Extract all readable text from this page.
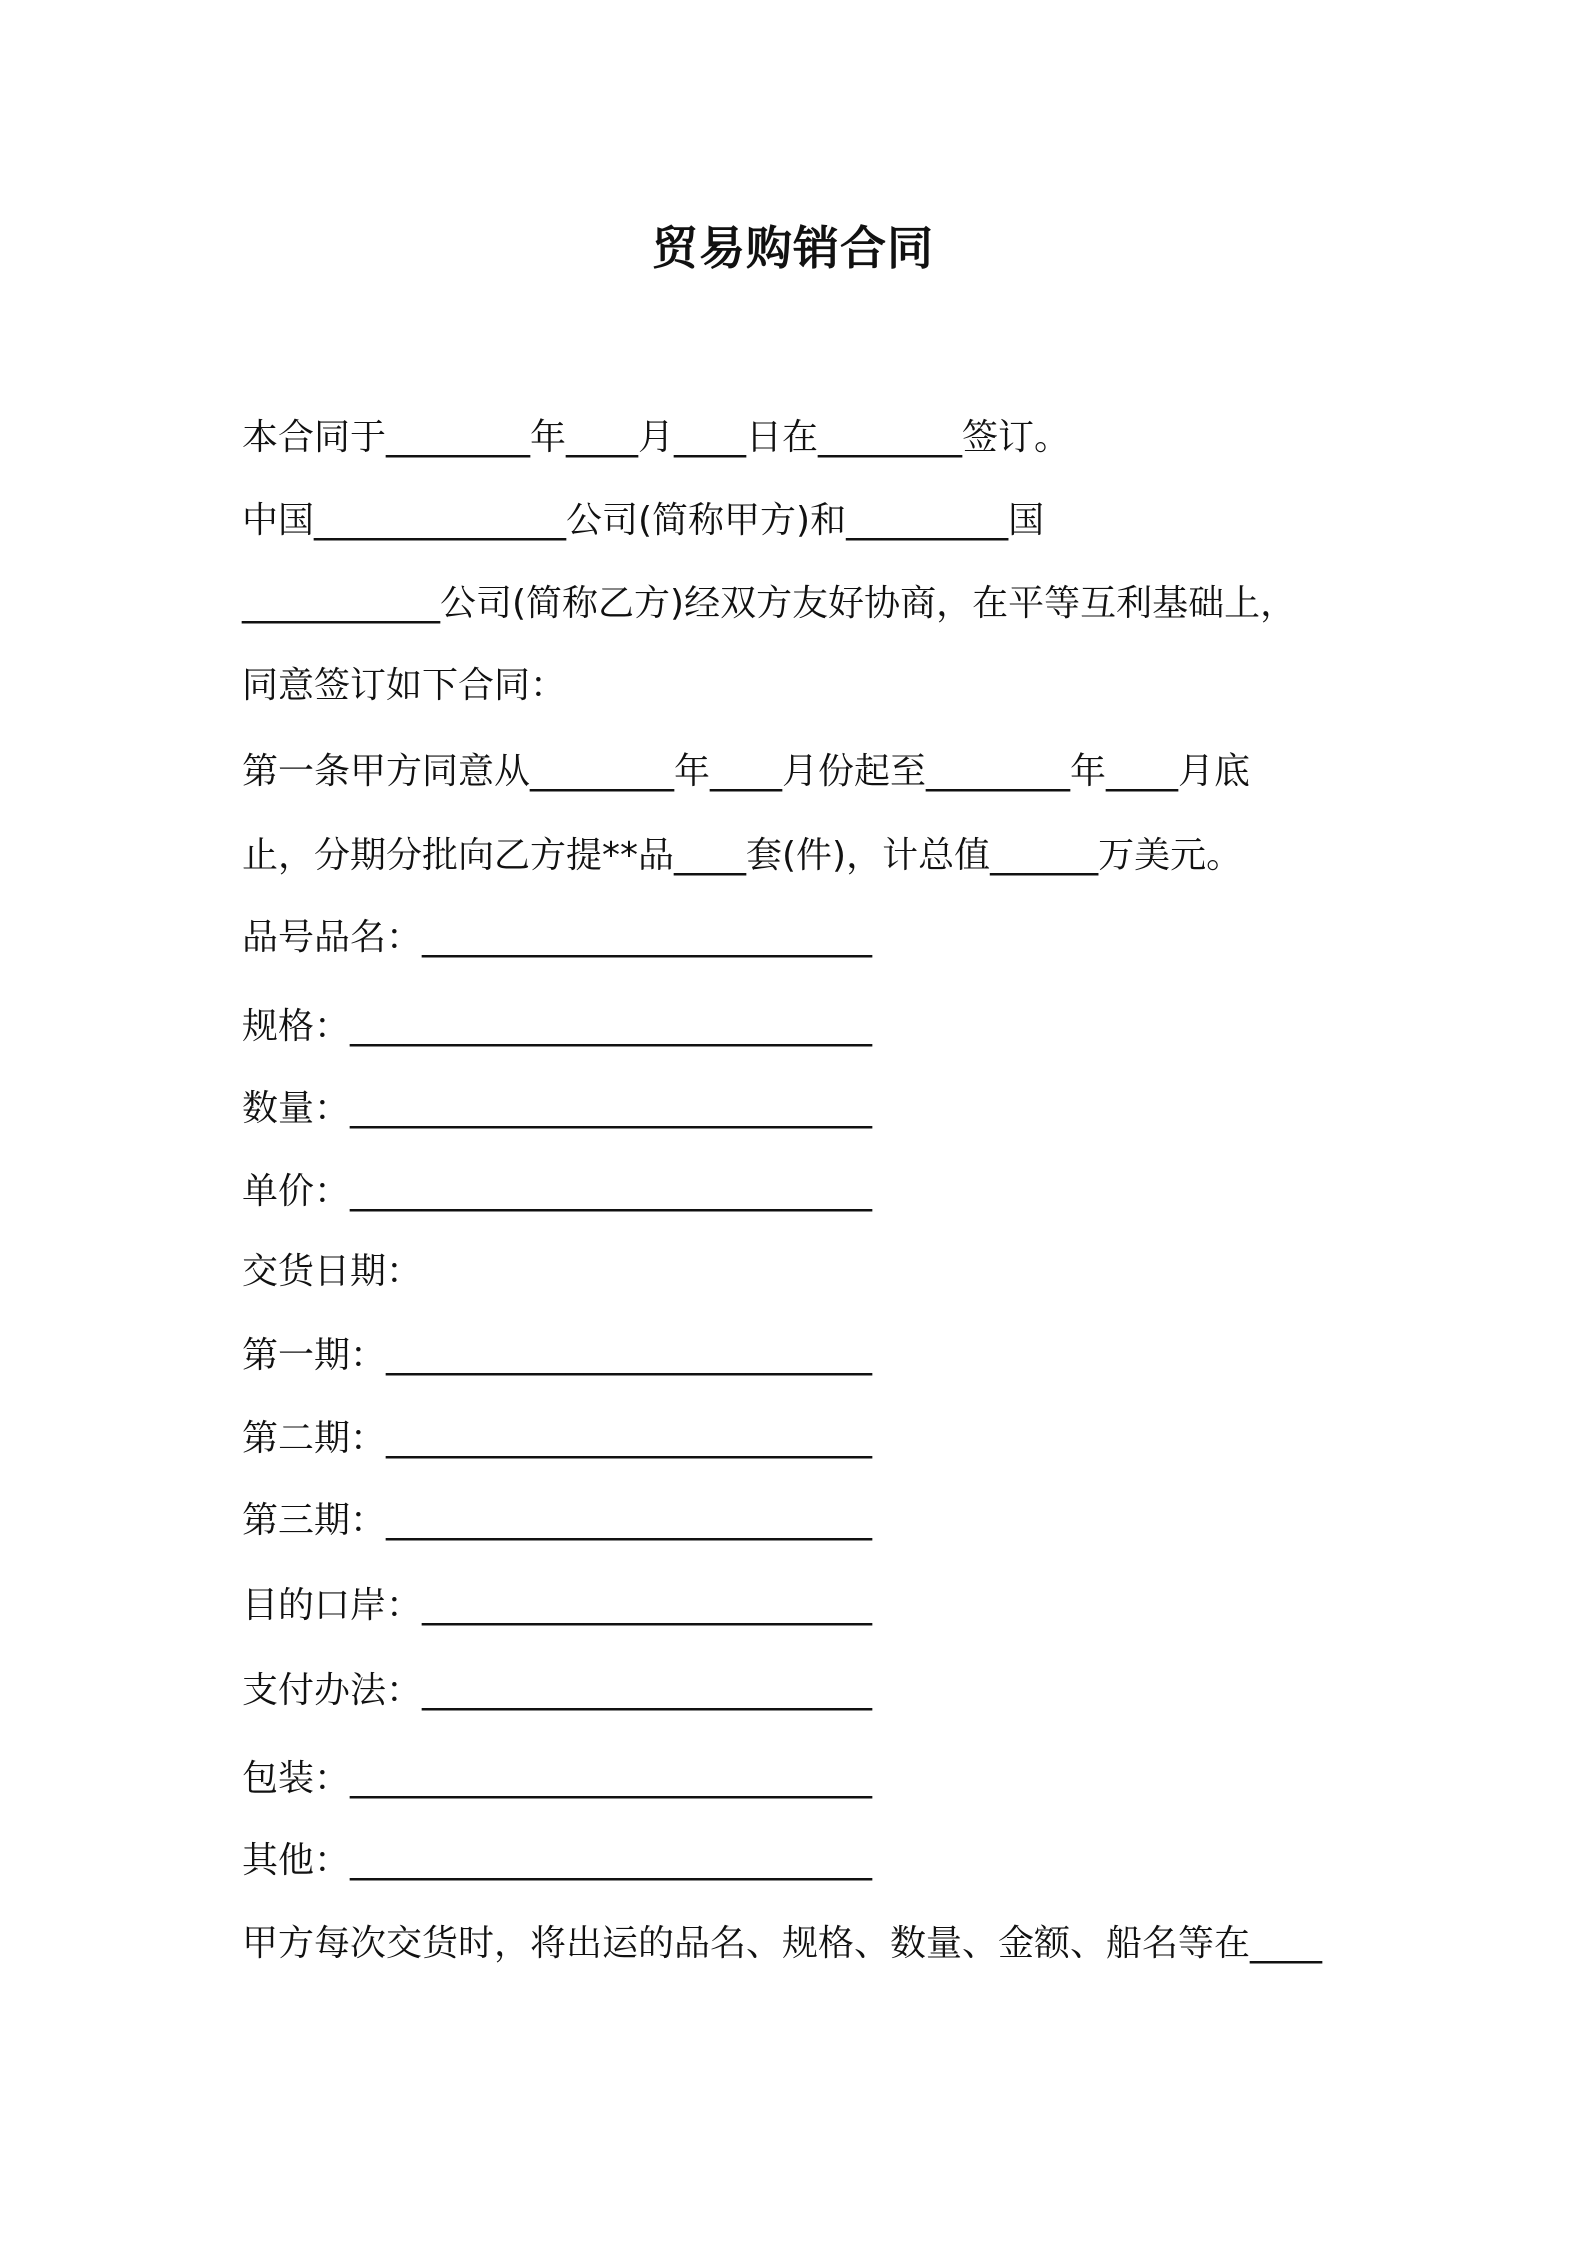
贸易购销合同
本合同于________年____月____日在________签订。
中国______________公司(简称甲方)和_________国
___________公司(简称乙方)经双方友好协商，在平等互利基础上，
同意签订如下合同：
第一条甲方同意从________年____月份起至________年____月底
止，分期分批向乙方提**品____套(件)，计总值______万美元。
品号品名：_________________________
规格：_____________________________
数量：_____________________________
单价：_____________________________
交货日期：
第一期：___________________________
第二期：___________________________
第三期：___________________________
目的口岸：_________________________
支付办法：_________________________
包装：_____________________________
其他：_____________________________
甲方每次交货时，将出运的品名、规格、数量、金额、船名等在____
